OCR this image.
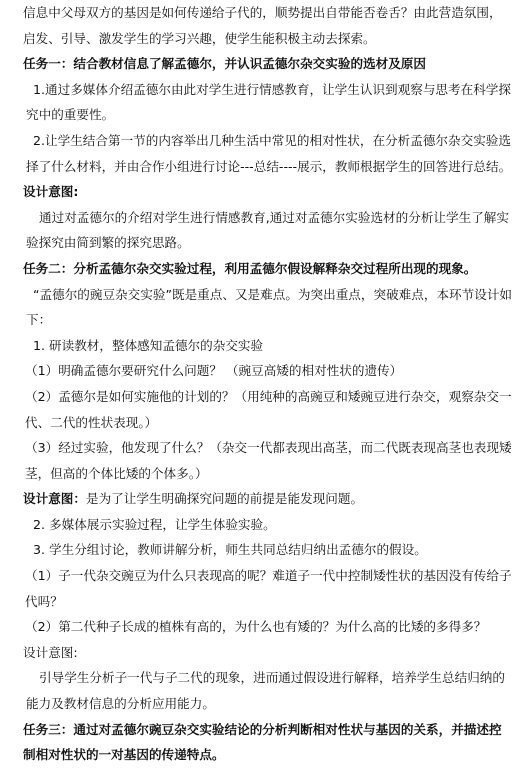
信息中父母双方的基因是如何传递给子代的，顺势提出自带能否卷舌？由此营造氛围，启发、引导、激发学生的学习兴趣，使学生能积极主动去探索。

任务一：结合教材信息了解孟德尔，并认识孟德尔杂交实验的选材及原因

1.通过多媒体介绍孟德尔由此对学生进行情感教育，让学生认识到观察与思考在科学探究中的重要性。

2.让学生结合第一节的内容举出几种生活中常见的相对性状，在分析孟德尔杂交实验选择了什么材料，并由合作小组进行讨论---总结----展示，教师根据学生的回答进行总结。

设计意图:

通过对孟德尔的介绍对学生进行情感教育,通过对孟德尔实验选材的分析让学生了解实验探究由简到繁的探究思路。

任务二：分析孟德尔杂交实验过程，利用孟德尔假设解释杂交过程所出现的现象。

“孟德尔的豌豆杂交实验”既是重点、又是难点。为突出重点，突破难点，本环节设计如下：

1. 研读教材，整体感知孟德尔的杂交实验

（1）明确孟德尔要研究什么问题？ （豌豆高矮的相对性状的遗传）

（2）孟德尔是如何实施他的计划的？（用纯种的高豌豆和矮豌豆进行杂交，观察杂交一代、二代的性状表现。）

（3）经过实验，他发现了什么？（杂交一代都表现出高茎，而二代既表现高茎也表现矮茎，但高的个体比矮的个体多。）

设计意图：是为了让学生明确探究问题的前提是能发现问题。

2. 多媒体展示实验过程，让学生体验实验。

3. 学生分组讨论，教师讲解分析，师生共同总结归纳出孟德尔的假设。

（1）子一代杂交豌豆为什么只表现高的呢？难道子一代中控制矮性状的基因没有传给子代吗？

（2）第二代种子长成的植株有高的，为什么也有矮的？为什么高的比矮的多得多？

设计意图:

引导学生分析子一代与子二代的现象，进而通过假设进行解释，培养学生总结归纳的能力及教材信息的分析应用能力。

任务三：通过对孟德尔豌豆杂交实验结论的分析判断相对性状与基因的关系，并描述控制相对性状的一对基因的传递特点。
